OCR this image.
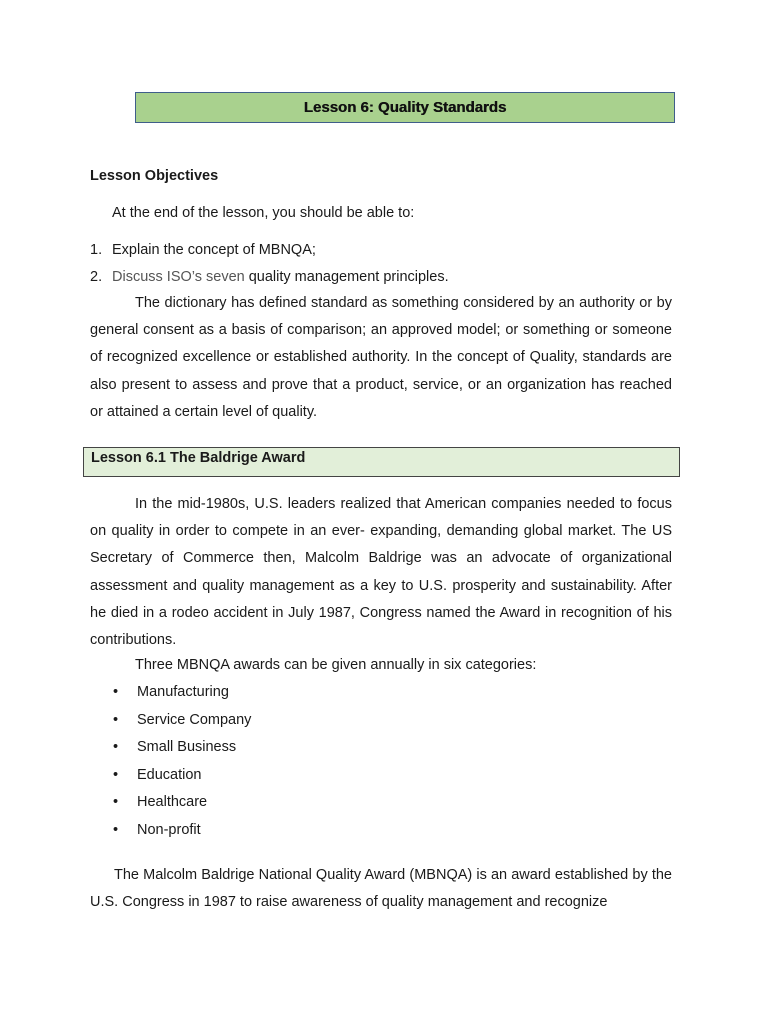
Lesson 6: Quality Standards
Lesson Objectives
At the end of the lesson, you should be able to:
1. Explain the concept of MBNQA;
2. Discuss ISO’s seven quality management principles.
The dictionary has defined standard as something considered by an authority or by general consent as a basis of comparison; an approved model; or something or someone of recognized excellence or established authority. In the concept of Quality, standards are also present to assess and prove that a product, service, or an organization has reached or attained a certain level of quality.
Lesson 6.1 The Baldrige Award
In the mid-1980s, U.S. leaders realized that American companies needed to focus on quality in order to compete in an ever- expanding, demanding global market. The US Secretary of Commerce then, Malcolm Baldrige was an advocate of organizational assessment and quality management as a key to U.S. prosperity and sustainability. After he died in a rodeo accident in July 1987, Congress named the Award in recognition of his contributions.
Three MBNQA awards can be given annually in six categories:
• Manufacturing
• Service Company
• Small Business
• Education
• Healthcare
• Non-profit
The Malcolm Baldrige National Quality Award (MBNQA) is an award established by the U.S. Congress in 1987 to raise awareness of quality management and recognize
